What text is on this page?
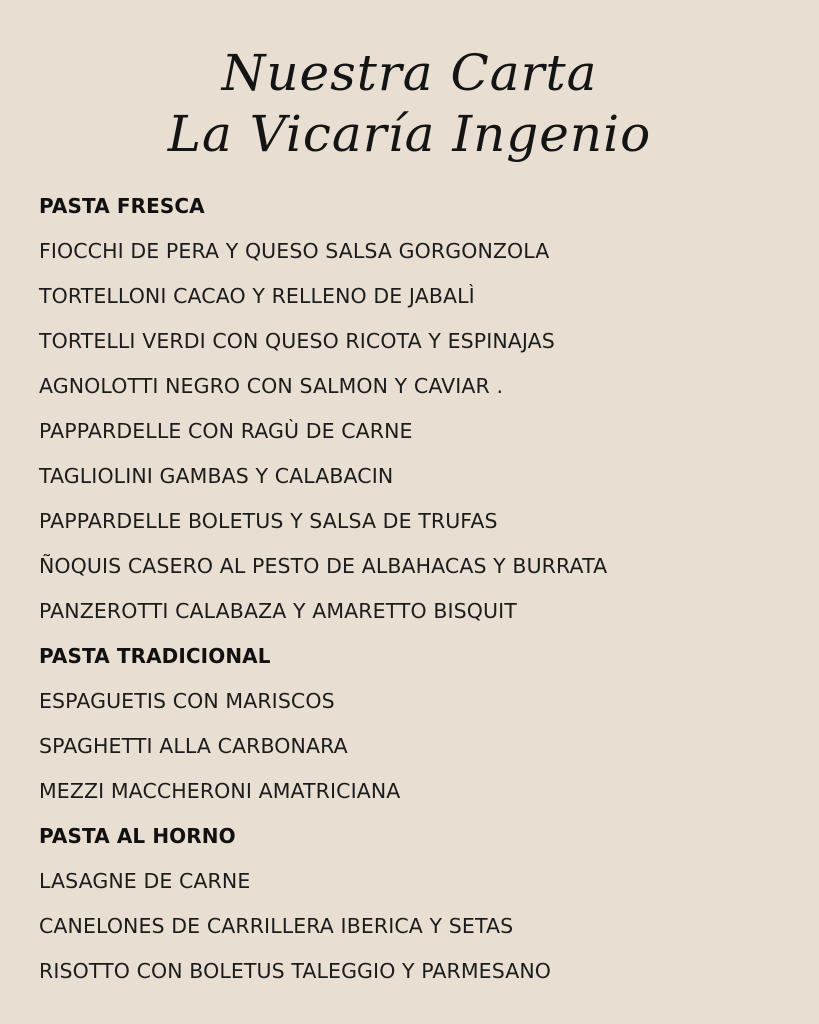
Nuestra Carta
La Vicaría Ingenio
PASTA FRESCA
FIOCCHI DE PERA Y QUESO SALSA GORGONZOLA
TORTELLONI CACAO Y RELLENO DE JABALÌ
TORTELLI VERDI CON QUESO RICOTA Y ESPINAJAS
AGNOLOTTI NEGRO CON SALMON Y CAVIAR .
PAPPARDELLE CON RAGÙ DE CARNE
TAGLIOLINI GAMBAS Y CALABACIN
PAPPARDELLE BOLETUS Y SALSA DE TRUFAS
ÑOQUIS CASERO AL PESTO DE ALBAHACAS Y BURRATA
PANZEROTTI CALABAZA Y AMARETTO BISQUIT
PASTA TRADICIONAL
ESPAGUETIS CON MARISCOS
SPAGHETTI ALLA CARBONARA
MEZZI MACCHERONI AMATRICIANA
PASTA AL HORNO
LASAGNE DE CARNE
CANELONES DE CARRILLERA IBERICA Y SETAS
RISOTTO CON BOLETUS TALEGGIO Y PARMESANO
